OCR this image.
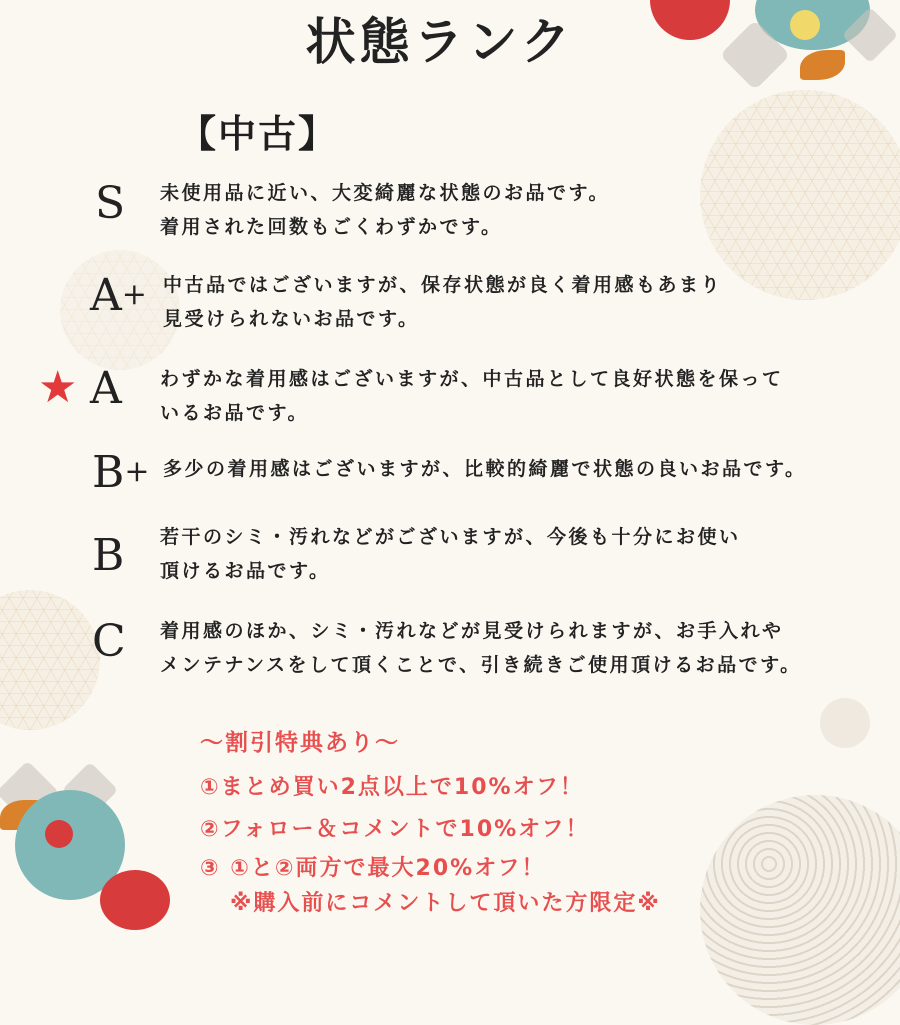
状態ランク
【中古】
★
S 未使用品に近い、大変綺麗な状態のお品です。
着用された回数もごくわずかです。
A+ 中古品ではございますが、保存状態が良く着用感もあまり
見受けられないお品です。
A わずかな着用感はございますが、中古品として良好状態を保って
いるお品です。
B+ 多少の着用感はございますが、比較的綺麗で状態の良いお品です。
B 若干のシミ・汚れなどがございますが、今後も十分にお使い
頂けるお品です。
C 着用感のほか、シミ・汚れなどが見受けられますが、お手入れや
メンテナンスをして頂くことで、引き続きご使用頂けるお品です。
～割引特典あり～
①まとめ買い2点以上で10%オフ！
②フォロー＆コメントで10%オフ！
③ ①と②両方で最大20%オフ！
※購入前にコメントして頂いた方限定※
